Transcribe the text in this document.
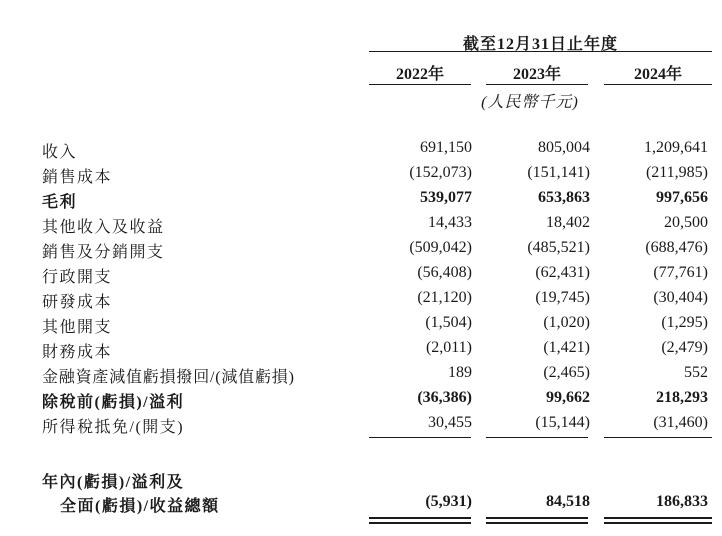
截至12月31日止年度
2022年	2023年	2024年
(人民幣千元)
收入	691,150	805,004	1,209,641
銷售成本	(152,073)	(151,141)	(211,985)
毛利	539,077	653,863	997,656
其他收入及收益	14,433	18,402	20,500
銷售及分銷開支	(509,042)	(485,521)	(688,476)
行政開支	(56,408)	(62,431)	(77,761)
研發成本	(21,120)	(19,745)	(30,404)
其他開支	(1,504)	(1,020)	(1,295)
財務成本	(2,011)	(1,421)	(2,479)
金融資產減值虧損撥回/(減值虧損)	189	(2,465)	552
除稅前(虧損)/溢利	(36,386)	99,662	218,293
所得稅抵免/(開支)	30,455	(15,144)	(31,460)
年內(虧損)/溢利及
全面(虧損)/收益總額	(5,931)	84,518	186,833
